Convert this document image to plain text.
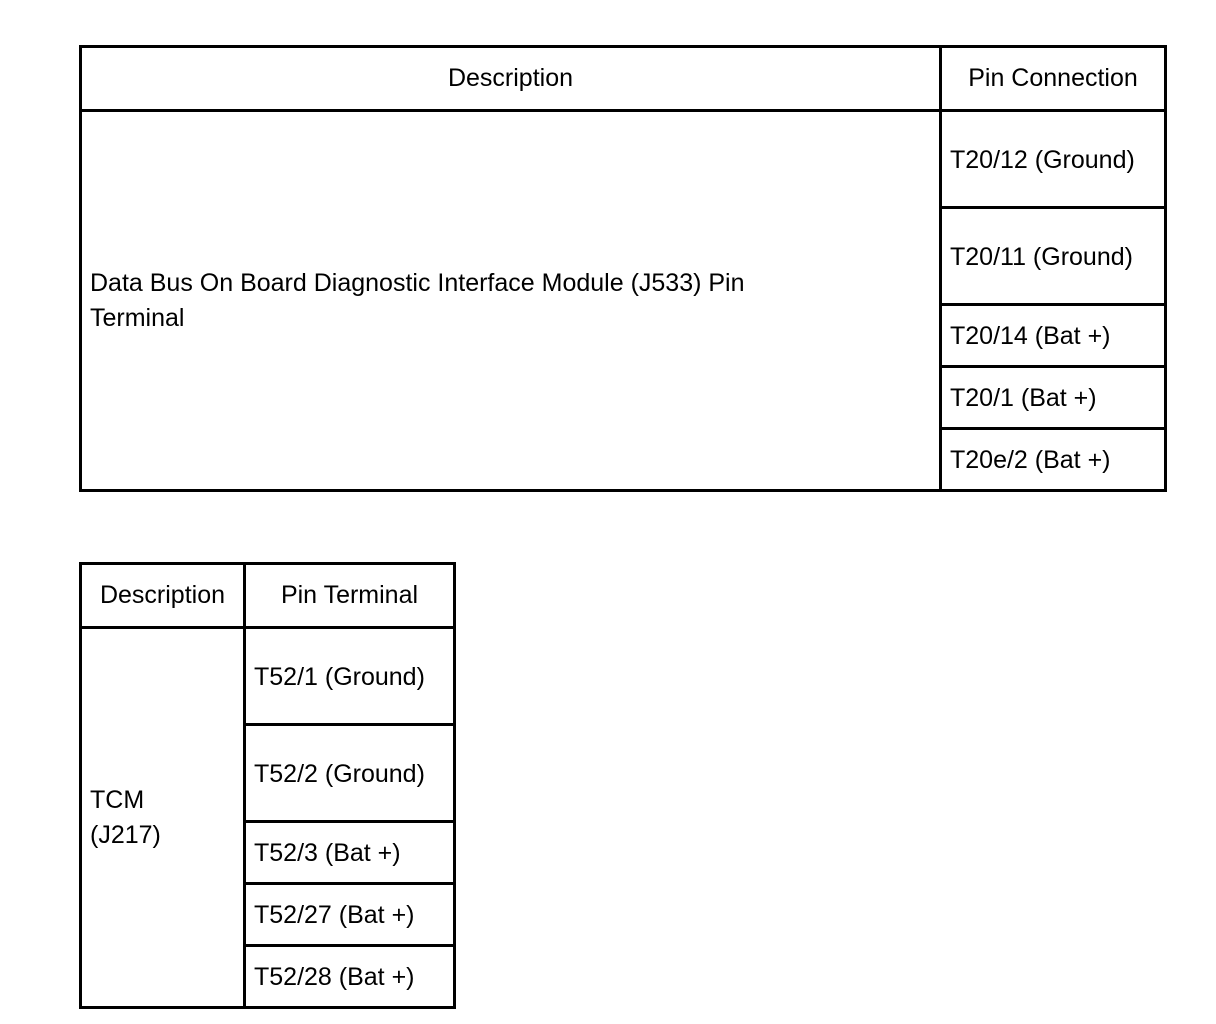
Description	Pin Connection

Data Bus On Board Diagnostic Interface Module (J533) Pin Terminal	T20/12 (Ground)
	T20/11 (Ground)
	T20/14 (Bat +)
	T20/1 (Bat +)
	T20e/2 (Bat +)
Description	Pin Terminal

TCM (J217)	T52/1 (Ground)
	T52/2 (Ground)
	T52/3 (Bat +)
	T52/27 (Bat +)
	T52/28 (Bat +)
